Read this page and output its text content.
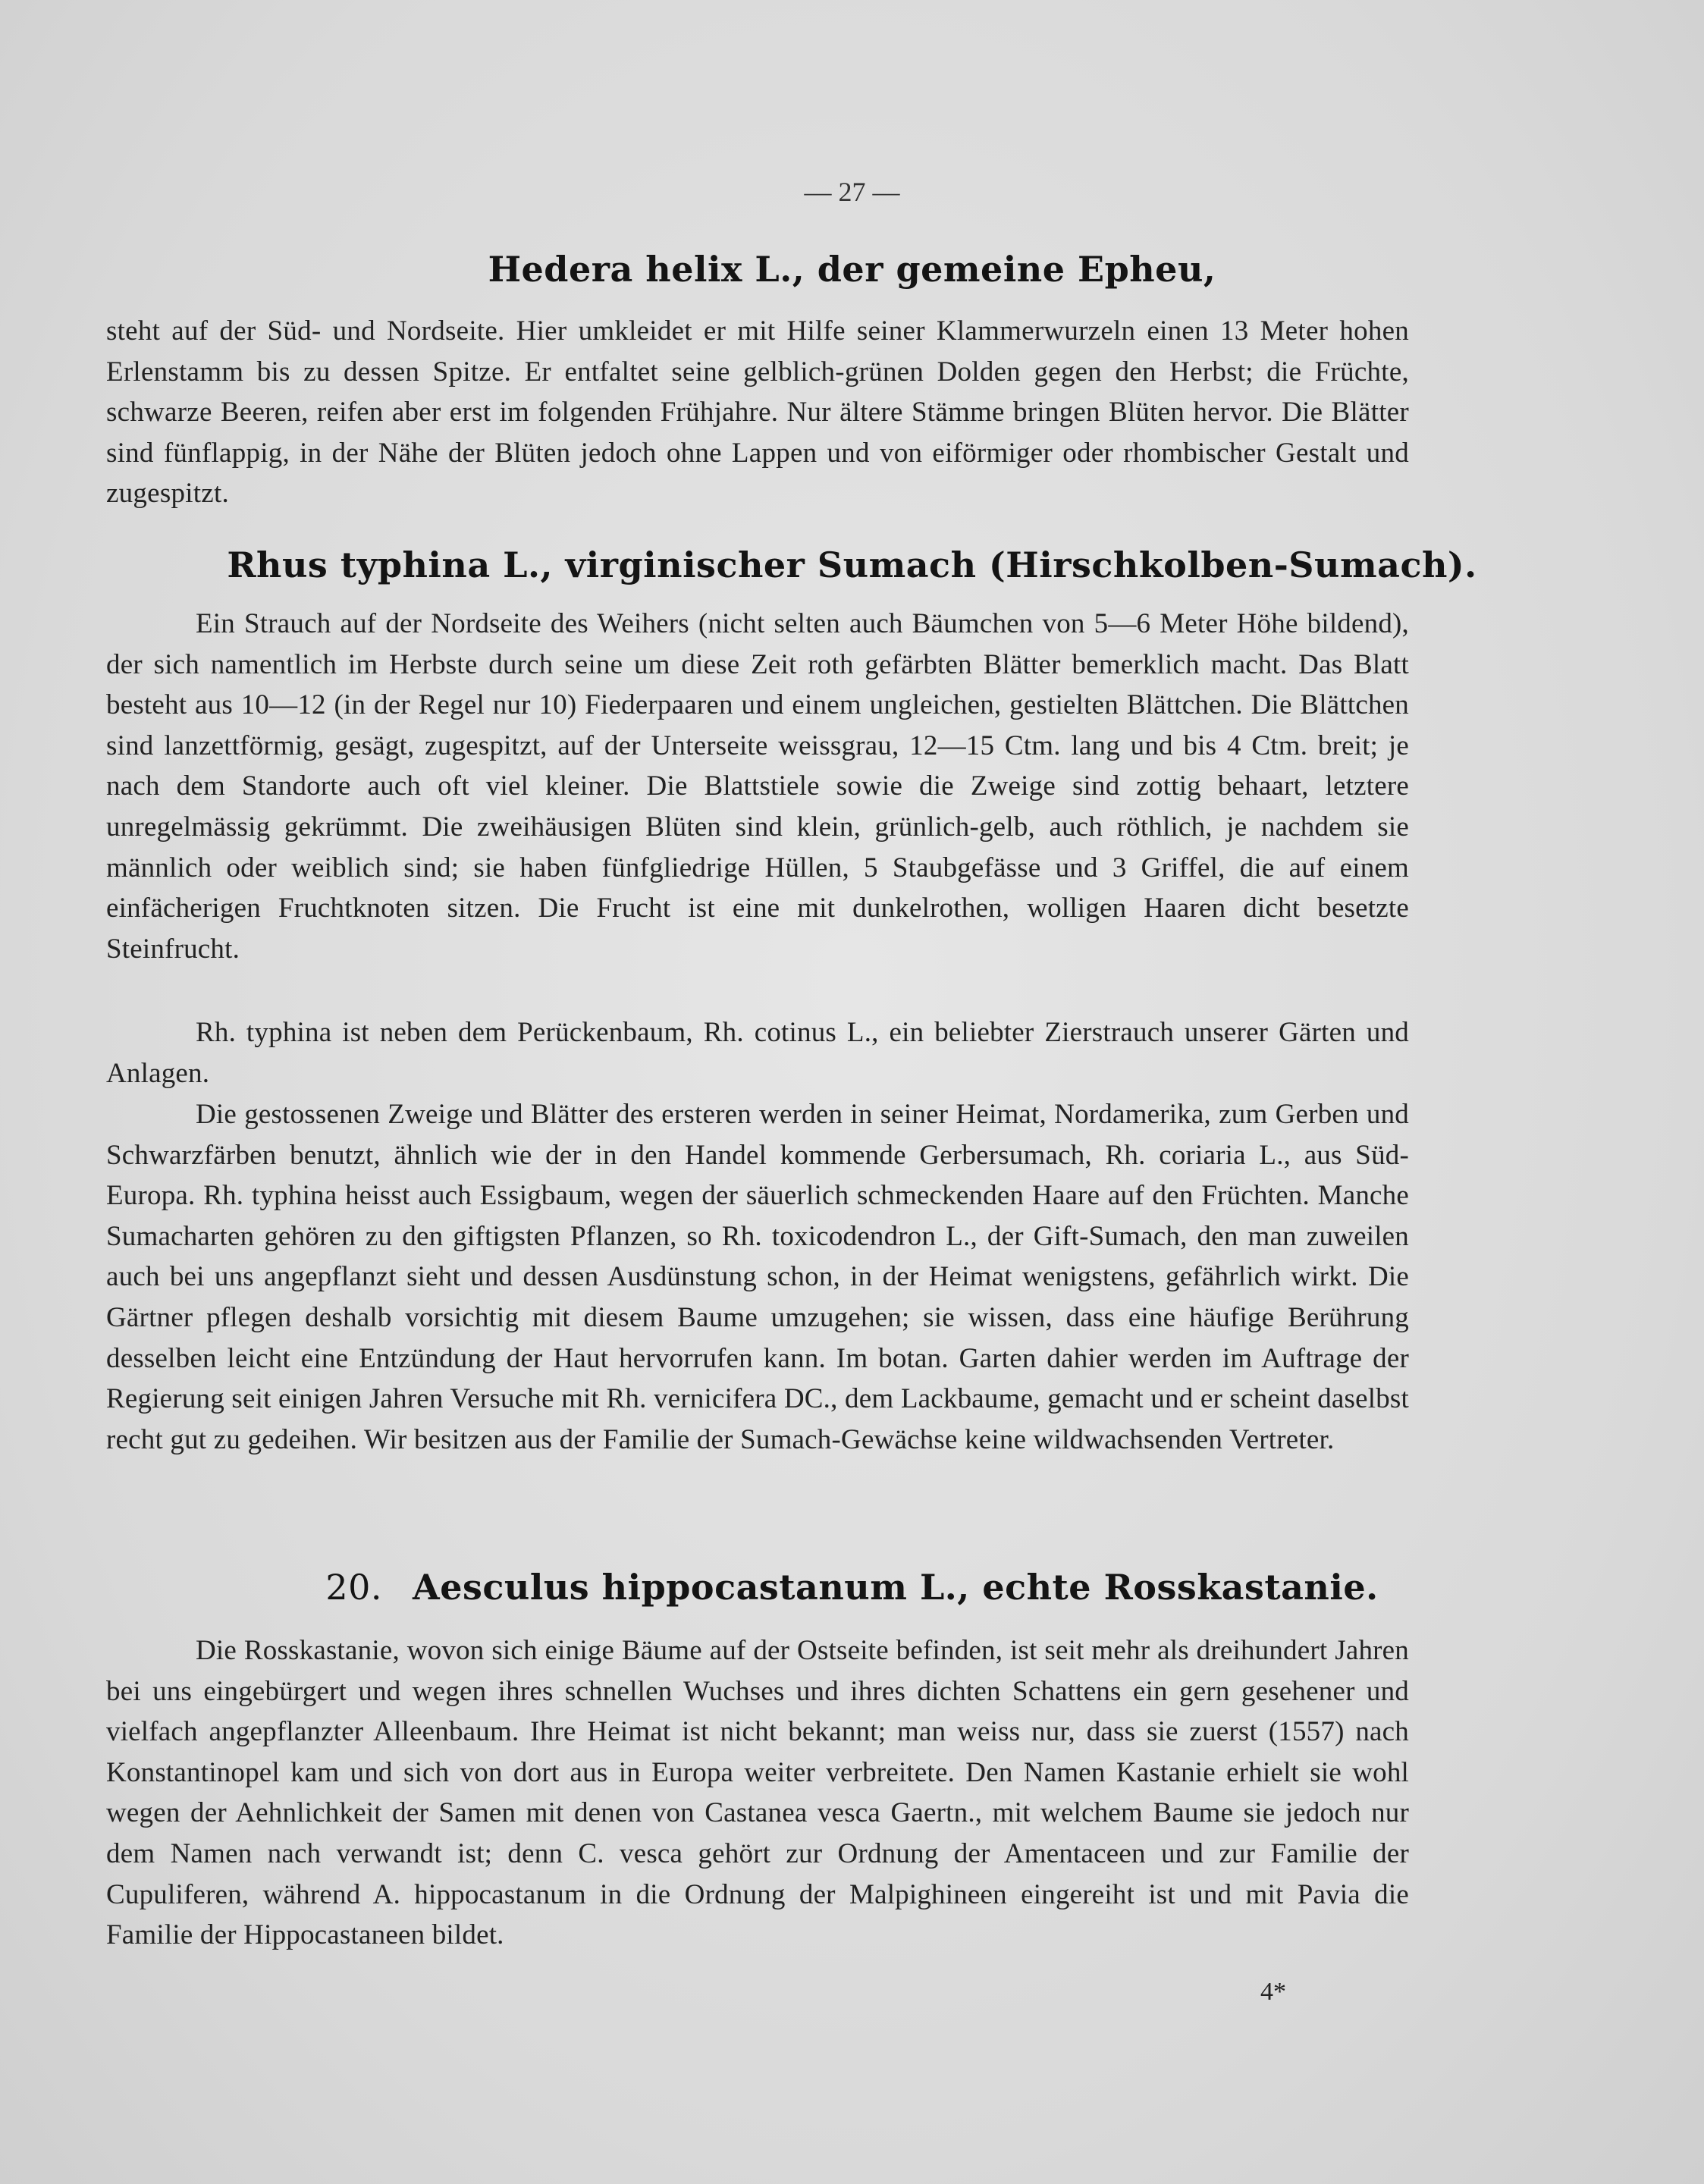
— 27 —
Hedera helix L., der gemeine Epheu,
steht auf der Süd- und Nordseite. Hier umkleidet er mit Hilfe seiner Klammerwurzeln einen 13 Meter hohen Erlenstamm bis zu dessen Spitze. Er entfaltet seine gelblich-grünen Dolden gegen den Herbst; die Früchte, schwarze Beeren, reifen aber erst im folgenden Frühjahre. Nur ältere Stämme bringen Blüten hervor. Die Blätter sind fünflappig, in der Nähe der Blüten jedoch ohne Lappen und von eiförmiger oder rhombischer Gestalt und zugespitzt.
Rhus typhina L., virginischer Sumach (Hirschkolben-Sumach).
Ein Strauch auf der Nordseite des Weihers (nicht selten auch Bäumchen von 5—6 Meter Höhe bildend), der sich namentlich im Herbste durch seine um diese Zeit roth gefärbten Blätter bemerklich macht. Das Blatt besteht aus 10—12 (in der Regel nur 10) Fiederpaaren und einem ungleichen, gestielten Blättchen. Die Blättchen sind lanzettförmig, gesägt, zugespitzt, auf der Unterseite weissgrau, 12—15 Ctm. lang und bis 4 Ctm. breit; je nach dem Standorte auch oft viel kleiner. Die Blattstiele sowie die Zweige sind zottig behaart, letztere unregelmässig gekrümmt. Die zweihäusigen Blüten sind klein, grünlich-gelb, auch röthlich, je nachdem sie männlich oder weiblich sind; sie haben fünfgliedrige Hüllen, 5 Staubgefässe und 3 Griffel, die auf einem einfächerigen Fruchtknoten sitzen. Die Frucht ist eine mit dunkelrothen, wolligen Haaren dicht besetzte Steinfrucht.
Rh. typhina ist neben dem Perückenbaum, Rh. cotinus L., ein beliebter Zierstrauch unserer Gärten und Anlagen.
Die gestossenen Zweige und Blätter des ersteren werden in seiner Heimat, Nordamerika, zum Gerben und Schwarzfärben benutzt, ähnlich wie der in den Handel kommende Gerbersumach, Rh. coriaria L., aus Süd-Europa. Rh. typhina heisst auch Essigbaum, wegen der säuerlich schmeckenden Haare auf den Früchten. Manche Sumacharten gehören zu den giftigsten Pflanzen, so Rh. toxicodendron L., der Gift-Sumach, den man zuweilen auch bei uns angepflanzt sieht und dessen Ausdünstung schon, in der Heimat wenigstens, gefährlich wirkt. Die Gärtner pflegen deshalb vorsichtig mit diesem Baume umzugehen; sie wissen, dass eine häufige Berührung desselben leicht eine Entzündung der Haut hervorrufen kann. Im botan. Garten dahier werden im Auftrage der Regierung seit einigen Jahren Versuche mit Rh. vernicifera DC., dem Lackbaume, gemacht und er scheint daselbst recht gut zu gedeihen. Wir besitzen aus der Familie der Sumach-Gewächse keine wildwachsenden Vertreter.
20. Aesculus hippocastanum L., echte Rosskastanie.
Die Rosskastanie, wovon sich einige Bäume auf der Ostseite befinden, ist seit mehr als dreihundert Jahren bei uns eingebürgert und wegen ihres schnellen Wuchses und ihres dichten Schattens ein gern gesehener und vielfach angepflanzter Alleenbaum. Ihre Heimat ist nicht bekannt; man weiss nur, dass sie zuerst (1557) nach Konstantinopel kam und sich von dort aus in Europa weiter verbreitete. Den Namen Kastanie erhielt sie wohl wegen der Aehnlichkeit der Samen mit denen von Castanea vesca Gaertn., mit welchem Baume sie jedoch nur dem Namen nach verwandt ist; denn C. vesca gehört zur Ordnung der Amentaceen und zur Familie der Cupuliferen, während A. hippocastanum in die Ordnung der Malpighineen eingereiht ist und mit Pavia die Familie der Hippocastaneen bildet.
4*
